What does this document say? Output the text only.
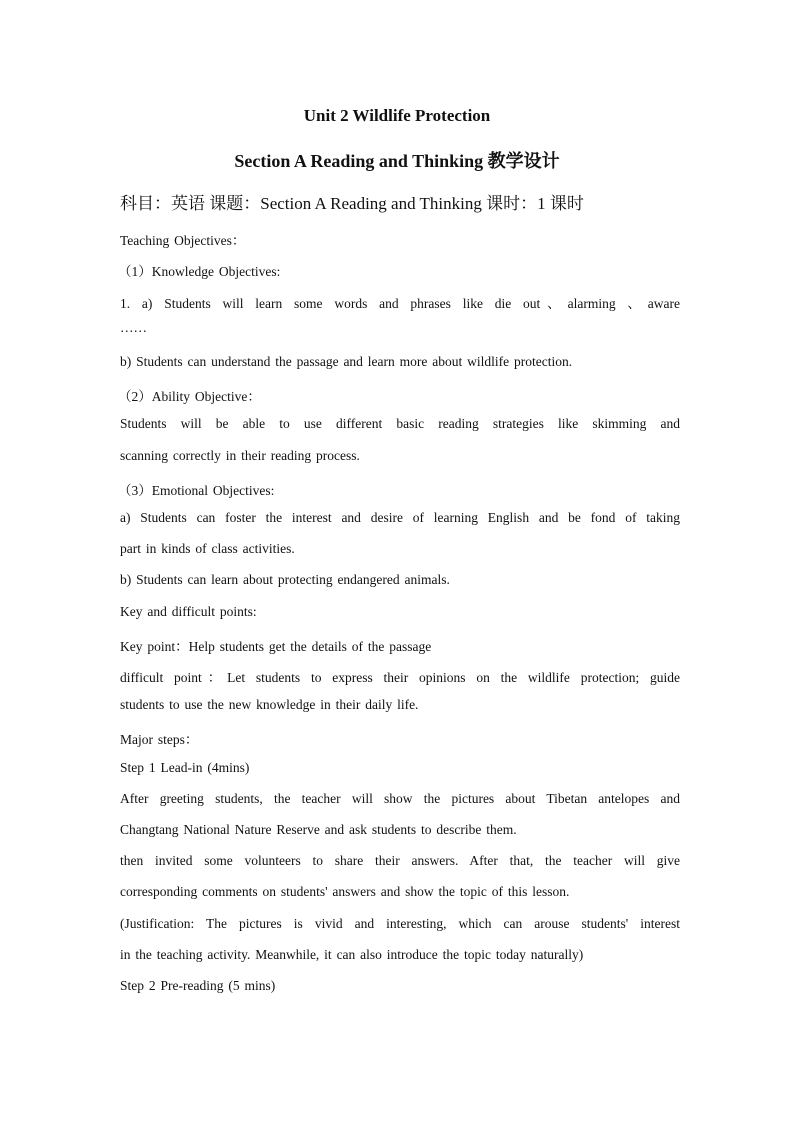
Unit 2 Wildlife Protection
Section A Reading and Thinking 教学设计
科目：英语 课题：Section A Reading and Thinking 课时：1 课时
Teaching Objectives：
（1）Knowledge Objectives:
1. a) Students will learn some words and phrases like die out、alarming 、aware
……
b) Students can understand the passage and learn more about wildlife protection.
（2）Ability Objective：
Students will be able to use different basic reading strategies like skimming and
scanning correctly in their reading process.
（3）Emotional Objectives:
a) Students can foster the interest and desire of learning English and be fond of taking
part in kinds of class activities.
b) Students can learn about protecting endangered animals.
Key and difficult points:
Key point：Help students get the details of the passage
difficult point：Let students to express their opinions on the wildlife protection; guide
students to use the new knowledge in their daily life.
Major steps：
Step 1 Lead-in (4mins)
After greeting students, the teacher will show the pictures about Tibetan antelopes and
Changtang National Nature Reserve and ask students to describe them.
then invited some volunteers to share their answers. After that, the teacher will give
corresponding comments on students' answers and show the topic of this lesson.
(Justification: The pictures is vivid and interesting, which can arouse students' interest
in the teaching activity. Meanwhile, it can also introduce the topic today naturally)
Step 2 Pre-reading (5 mins)
